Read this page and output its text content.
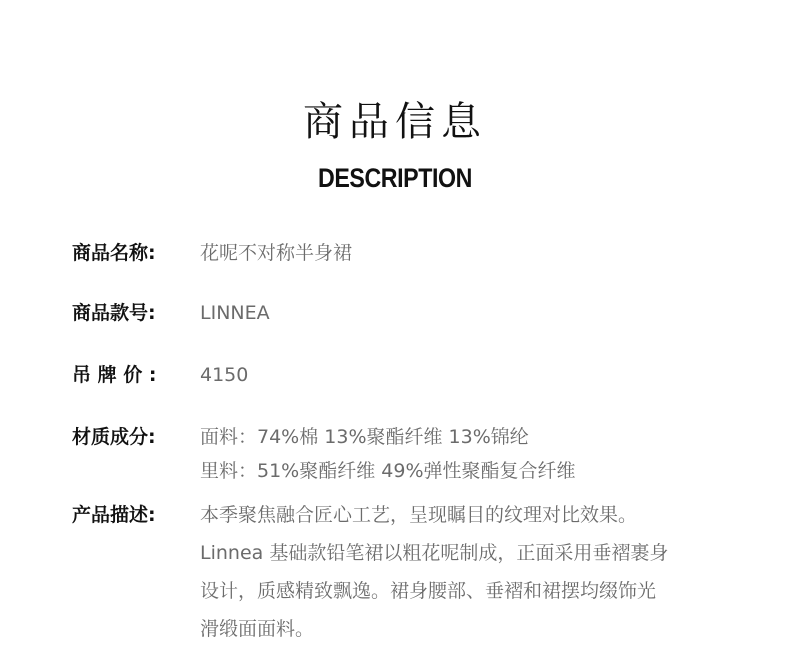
商品信息
DESCRIPTION
商品名称:	花呢不对称半身裙
商品款号:	LINNEA
吊 牌 价 :	4150
材质成分:	面料：74%棉 13%聚酯纤维 13%锦纶
里料：51%聚酯纤维 49%弹性聚酯复合纤维
产品描述:	本季聚焦融合匠心工艺，呈现瞩目的纹理对比效果。
Linnea 基础款铅笔裙以粗花呢制成，正面采用垂褶裹身
设计，质感精致飘逸。裙身腰部、垂褶和裙摆均缀饰光
滑缎面面料。
